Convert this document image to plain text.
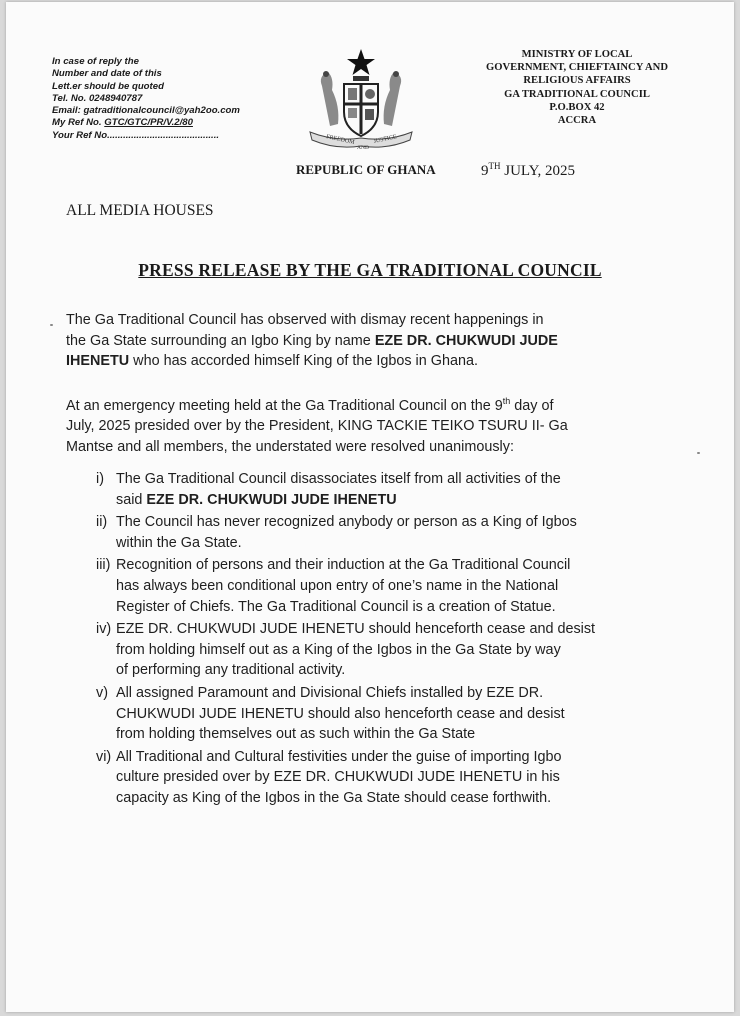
In case of reply the
Number and date of this
Lett.er should be quoted
Tel. No. 0248940787
Email: gatraditionalcouncil@yah2oo.com
My Ref No. GTC/GTC/PR/V.2/80
Your Ref No..........................................	FREEDOM
AND
JUSTICE
MINISTRY OF LOCAL
GOVERNMENT, CHIEFTAINCY AND
RELIGIOUS AFFAIRS
GA TRADITIONAL COUNCIL
P.O.BOX 42
ACCRA
REPUBLIC OF GHANA	9TH JULY, 2025
ALL MEDIA HOUSES
PRESS RELEASE BY THE GA TRADITIONAL COUNCIL
The Ga Traditional Council has observed with dismay recent happenings in
the Ga State surrounding an Igbo King by name EZE DR. CHUKWUDI JUDE
IHENETU who has accorded himself King of the Igbos in Ghana.
At an emergency meeting held at the Ga Traditional Council on the 9th day of
July, 2025 presided over by the President, KING TACKIE TEIKO TSURU II- Ga
Mantse and all members, the understated were resolved unanimously:
i) The Ga Traditional Council disassociates itself from all activities of the
said EZE DR. CHUKWUDI JUDE IHENETU
ii) The Council has never recognized anybody or person as a King of Igbos
within the Ga State.
iii) Recognition of persons and their induction at the Ga Traditional Council
has always been conditional upon entry of one’s name in the National
Register of Chiefs. The Ga Traditional Council is a creation of Statue.
iv) EZE DR. CHUKWUDI JUDE IHENETU should henceforth cease and desist
from holding himself out as a King of the Igbos in the Ga State by way
of performing any traditional activity.
v) All assigned Paramount and Divisional Chiefs installed by EZE DR.
CHUKWUDI JUDE IHENETU should also henceforth cease and desist
from holding themselves out as such within the Ga State
vi) All Traditional and Cultural festivities under the guise of importing Igbo
culture presided over by EZE DR. CHUKWUDI JUDE IHENETU in his
capacity as King of the Igbos in the Ga State should cease forthwith.
